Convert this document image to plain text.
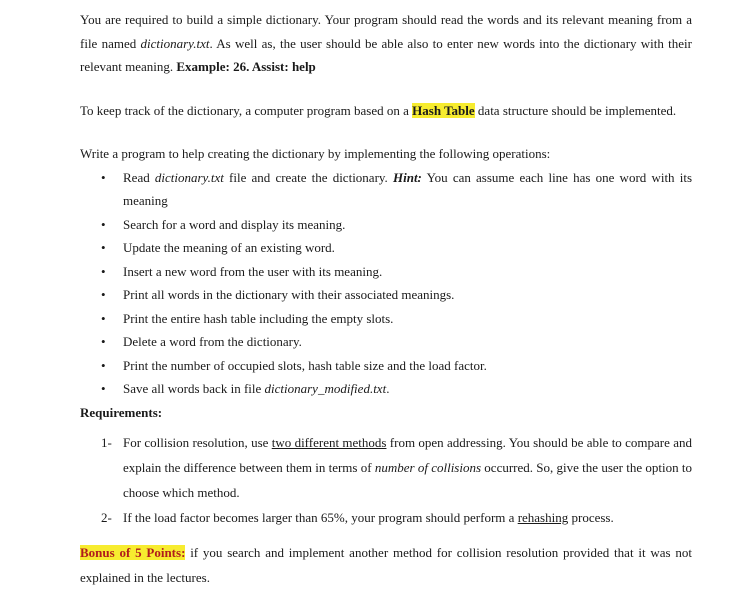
You are required to build a simple dictionary. Your program should read the words and its relevant meaning from a file named dictionary.txt. As well as, the user should be able also to enter new words into the dictionary with their relevant meaning. Example: 26. Assist: help

To keep track of the dictionary, a computer program based on a Hash Table data structure should be implemented.

Write a program to help creating the dictionary by implementing the following operations:

• Read dictionary.txt file and create the dictionary. Hint: You can assume each line has one word with its meaning
• Search for a word and display its meaning.
• Update the meaning of an existing word.
• Insert a new word from the user with its meaning.
• Print all words in the dictionary with their associated meanings.
• Print the entire hash table including the empty slots.
• Delete a word from the dictionary.
• Print the number of occupied slots, hash table size and the load factor.
• Save all words back in file dictionary_modified.txt.

Requirements:

1- For collision resolution, use two different methods from open addressing. You should be able to compare and explain the difference between them in terms of number of collisions occurred. So, give the user the option to choose which method.
2- If the load factor becomes larger than 65%, your program should perform a rehashing process.

Bonus of 5 Points: if you search and implement another method for collision resolution provided that it was not explained in the lectures.
